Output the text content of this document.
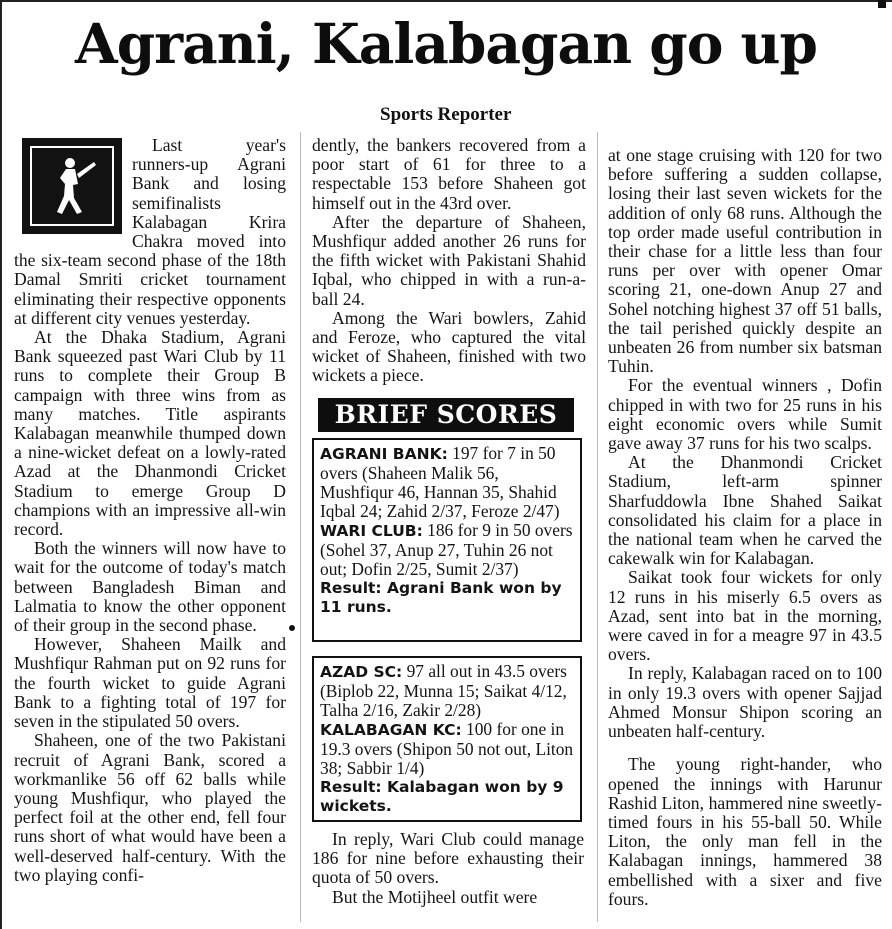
Agrani, Kalabagan go up
Sports Reporter

Last year's runners-up Agrani Bank and losing semifinalists Kalabagan Krira Chakra moved into the six-team second phase of the 18th Damal Smriti cricket tournament eliminating their respective opponents at different city venues yesterday.

At the Dhaka Stadium, Agrani Bank squeezed past Wari Club by 11 runs to complete their Group B campaign with three wins from as many matches. Title aspirants Kalabagan meanwhile thumped down a nine-wicket defeat on a lowly-rated Azad at the Dhanmondi Cricket Stadium to emerge Group D champions with an impressive all-win record.

Both the winners will now have to wait for the outcome of today's match between Bangladesh Biman and Lalmatia to know the other opponent of their group in the second phase.

However, Shaheen Mailk and Mushfiqur Rahman put on 92 runs for the fourth wicket to guide Agrani Bank to a fighting total of 197 for seven in the stipulated 50 overs.

Shaheen, one of the two Pakistani recruit of Agrani Bank, scored a workmanlike 56 off 62 balls while young Mushfiqur, who played the perfect foil at the other end, fell four runs short of what would have been a well-deserved half-century. With the two playing confi-

dently, the bankers recovered from a poor start of 61 for three to a respectable 153 before Shaheen got himself out in the 43rd over.

After the departure of Shaheen, Mushfiqur added another 26 runs for the fifth wicket with Pakistani Shahid Iqbal, who chipped in with a run-a-ball 24.

Among the Wari bowlers, Zahid and Feroze, who captured the vital wicket of Shaheen, finished with two wickets a piece.

BRIEF SCORES

AGRANI BANK: 197 for 7 in 50 overs (Shaheen Malik 56, Mushfiqur 46, Hannan 35, Shahid Iqbal 24; Zahid 2/37, Feroze 2/47)

WARI CLUB: 186 for 9 in 50 overs (Sohel 37, Anup 27, Tuhin 26 not out; Dofin 2/25, Sumit 2/37)

Result: Agrani Bank won by 11 runs.

AZAD SC: 97 all out in 43.5 overs (Biplob 22, Munna 15; Saikat 4/12, Talha 2/16, Zakir 2/28)

KALABAGAN KC: 100 for one in 19.3 overs (Shipon 50 not out, Liton 38; Sabbir 1/4)

Result: Kalabagan won by 9 wickets.

In reply, Wari Club could manage 186 for nine before exhausting their quota of 50 overs.

But the Motijheel outfit were

at one stage cruising with 120 for two before suffering a sudden collapse, losing their last seven wickets for the addition of only 68 runs. Although the top order made useful contribution in their chase for a little less than four runs per over with opener Omar scoring 21, one-down Anup 27 and Sohel notching highest 37 off 51 balls, the tail perished quickly despite an unbeaten 26 from number six batsman Tuhin.

For the eventual winners , Dofin chipped in with two for 25 runs in his eight economic overs while Sumit gave away 37 runs for his two scalps.

At the Dhanmondi Cricket Stadium, left-arm spinner Sharfuddowla Ibne Shahed Saikat consolidated his claim for a place in the national team when he carved the cakewalk win for Kalabagan.

Saikat took four wickets for only 12 runs in his miserly 6.5 overs as Azad, sent into bat in the morning, were caved in for a meagre 97 in 43.5 overs.

In reply, Kalabagan raced on to 100 in only 19.3 overs with opener Sajjad Ahmed Monsur Shipon scoring an unbeaten half-century.

The young right-hander, who opened the innings with Harunur Rashid Liton, hammered nine sweetly-timed fours in his 55-ball 50. While Liton, the only man fell in the Kalabagan innings, hammered 38 embellished with a sixer and five fours.
